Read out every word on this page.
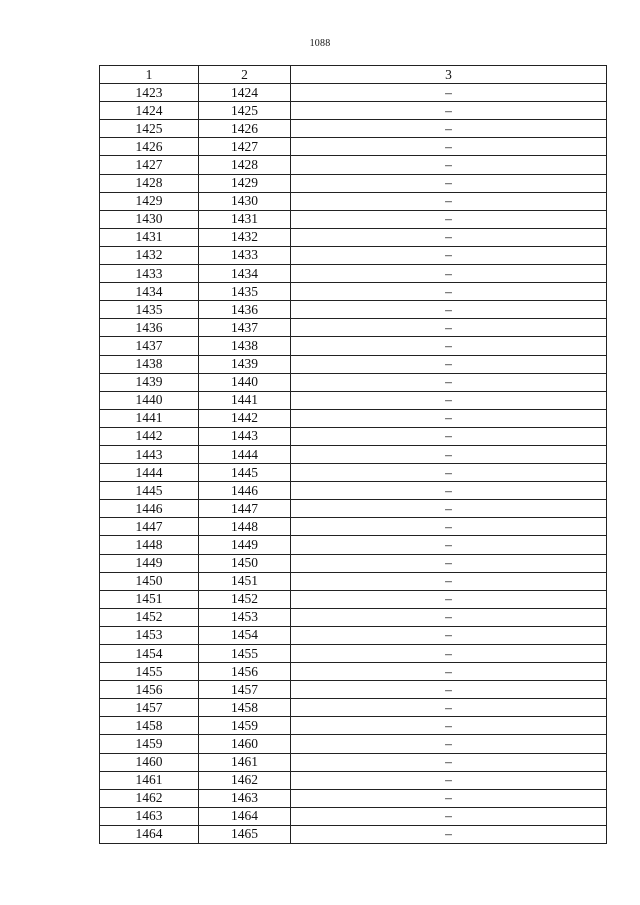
1088
1	2	3
1423	1424	–
1424	1425	–
1425	1426	–
1426	1427	–
1427	1428	–
1428	1429	–
1429	1430	–
1430	1431	–
1431	1432	–
1432	1433	–
1433	1434	–
1434	1435	–
1435	1436	–
1436	1437	–
1437	1438	–
1438	1439	–
1439	1440	–
1440	1441	–
1441	1442	–
1442	1443	–
1443	1444	–
1444	1445	–
1445	1446	–
1446	1447	–
1447	1448	–
1448	1449	–
1449	1450	–
1450	1451	–
1451	1452	–
1452	1453	–
1453	1454	–
1454	1455	–
1455	1456	–
1456	1457	–
1457	1458	–
1458	1459	–
1459	1460	–
1460	1461	–
1461	1462	–
1462	1463	–
1463	1464	–
1464	1465	–
